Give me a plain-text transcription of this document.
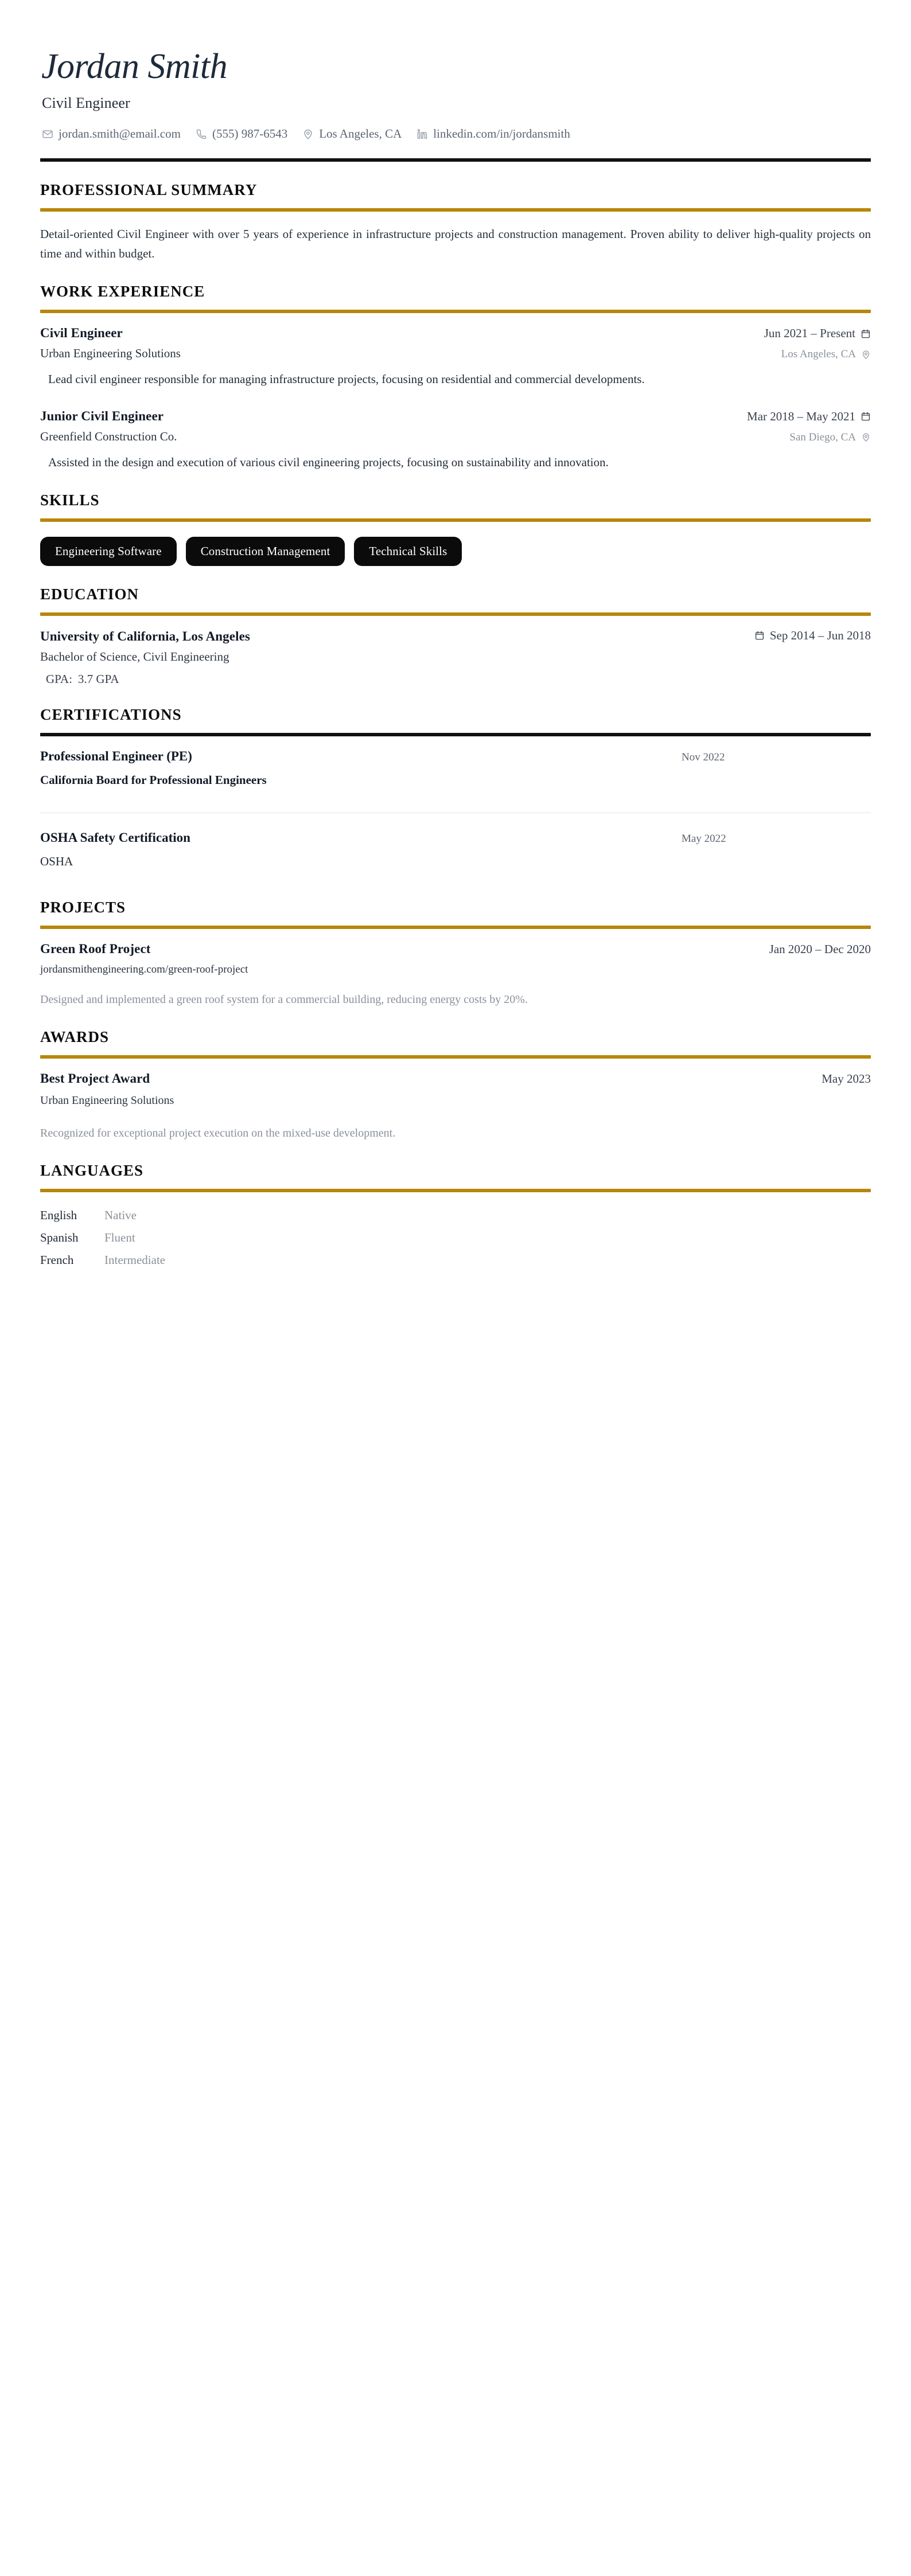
Jordan Smith
Civil Engineer
jordan.smith@email.com	(555) 987-6543	Los Angeles, CA	linkedin.com/in/jordansmith
PROFESSIONAL SUMMARY

Detail-oriented Civil Engineer with over 5 years of experience in infrastructure projects and construction management. Proven ability to deliver high-quality projects on time and within budget.

WORK EXPERIENCE
Civil Engineer	Jun 2021 – Present
Urban Engineering Solutions	Los Angeles, CA

Lead civil engineer responsible for managing infrastructure projects, focusing on residential and commercial developments.

Junior Civil Engineer	Mar 2018 – May 2021
Greenfield Construction Co.	San Diego, CA

Assisted in the design and execution of various civil engineering projects, focusing on sustainability and innovation.

SKILLS
Engineering Software	Construction Management	Technical Skills
EDUCATION
University of California, Los Angeles	Sep 2014 – Jun 2018
Bachelor of Science, Civil Engineering
GPA: 3.7 GPA
CERTIFICATIONS
Professional Engineer (PE)	Nov 2022
California Board for Professional Engineers
OSHA Safety Certification	May 2022
OSHA
PROJECTS
Green Roof Project	Jan 2020 – Dec 2020
jordansmithengineering.com/green-roof-project
Designed and implemented a green roof system for a commercial building, reducing energy costs by 20%.
AWARDS
Best Project Award	May 2023
Urban Engineering Solutions
Recognized for exceptional project execution on the mixed-use development.
LANGUAGES
English	Native
Spanish	Fluent
French	Intermediate
